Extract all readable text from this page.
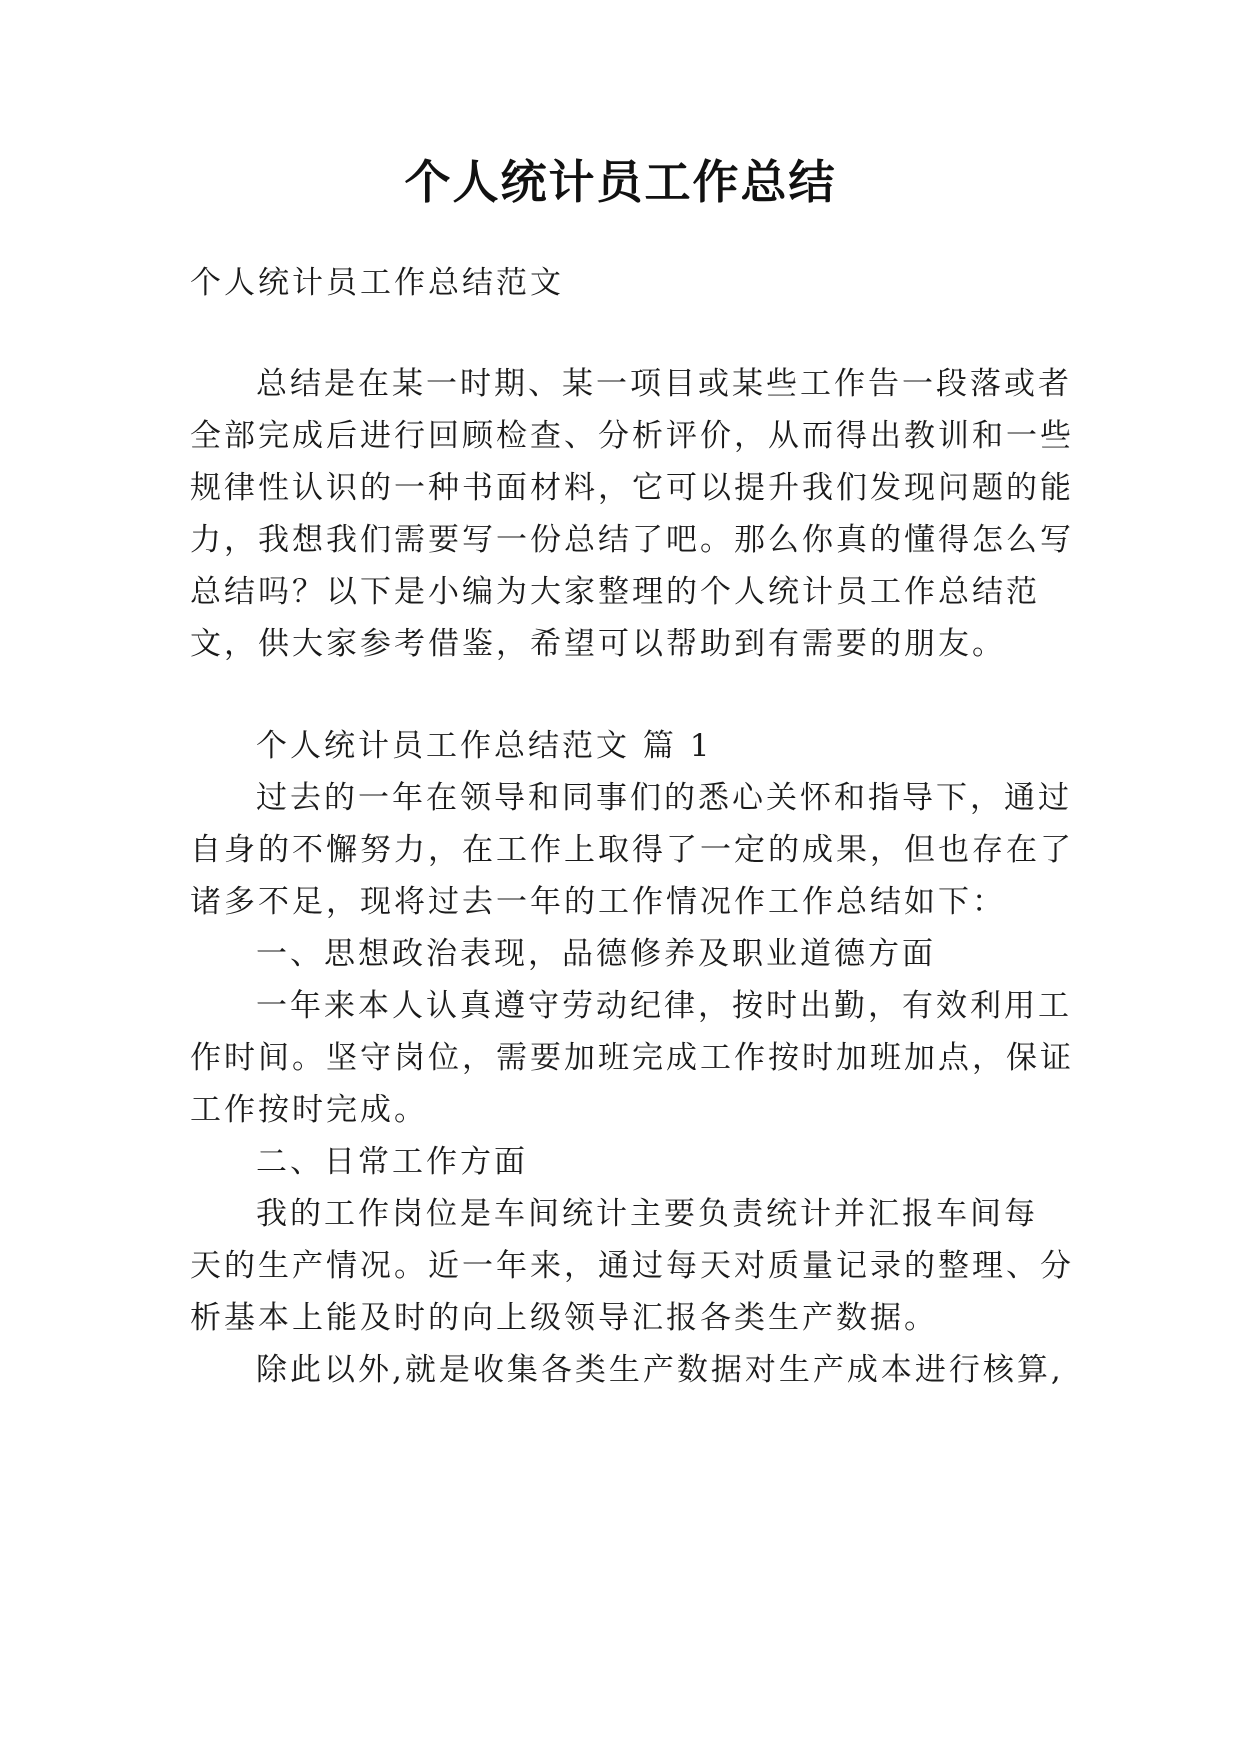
个人统计员工作总结
个人统计员工作总结范文
总结是在某一时期、某一项目或某些工作告一段落或者
全部完成后进行回顾检查、分析评价，从而得出教训和一些
规律性认识的一种书面材料，它可以提升我们发现问题的能
力，我想我们需要写一份总结了吧。那么你真的懂得怎么写
总结吗？以下是小编为大家整理的个人统计员工作总结范
文，供大家参考借鉴，希望可以帮助到有需要的朋友。
个人统计员工作总结范文 篇 1
过去的一年在领导和同事们的悉心关怀和指导下，通过
自身的不懈努力，在工作上取得了一定的成果，但也存在了
诸多不足，现将过去一年的工作情况作工作总结如下：
一、思想政治表现，品德修养及职业道德方面
一年来本人认真遵守劳动纪律，按时出勤，有效利用工
作时间。坚守岗位，需要加班完成工作按时加班加点，保证
工作按时完成。
二、日常工作方面
我的工作岗位是车间统计主要负责统计并汇报车间每
天的生产情况。近一年来，通过每天对质量记录的整理、分
析基本上能及时的向上级领导汇报各类生产数据。
除此以外,就是收集各类生产数据对生产成本进行核算,
